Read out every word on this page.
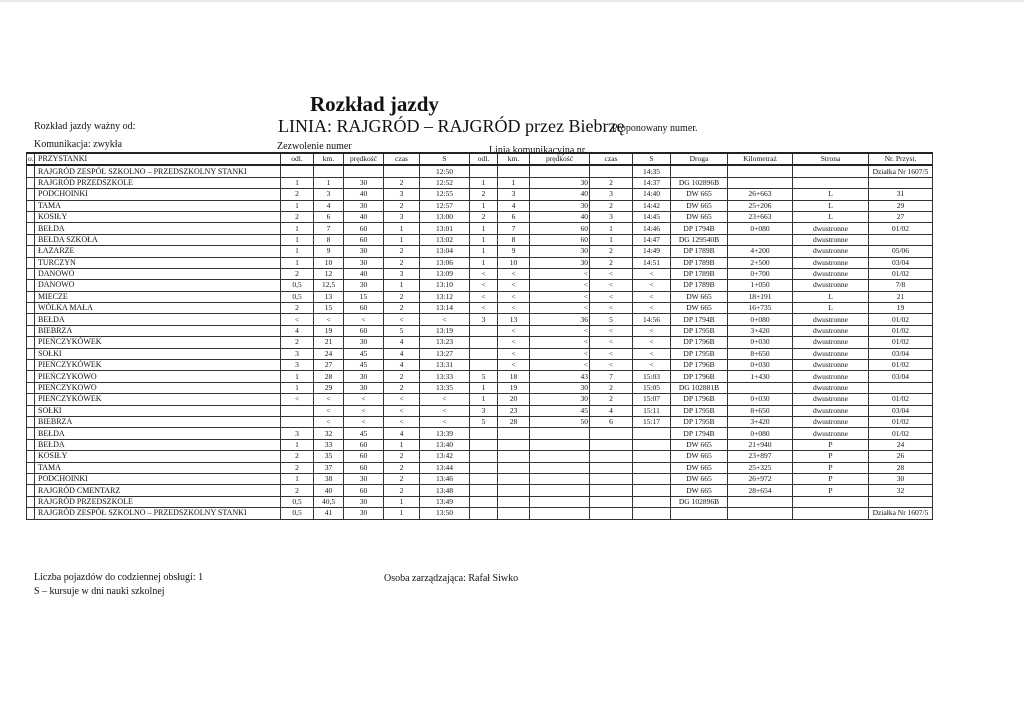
Rozkład jazdy
LINIA: RAJGRÓD – RAJGRÓD przez Biebrzę
Proponowany numer.
Rozkład jazdy ważny od:
Komunikacja: zwykła	Zezwolenie numer	Linia komunikacyjna nr
o.	PRZYSTANKI	odl.	km.	prędkość	czas	S	odl.	km.	prędkość	czas	S	Droga	Kilometraż	Strona	Nr. Przyst.
	RAJGRÓD ZESPÓŁ SZKOLNO – PRZEDSZKOLNY STANKI					12:50					14:35				Działka Nr 1607/5
	RAJGRÓD PRZEDSZKOLE	1	1	30	2	12:52	1	1	30	2	14:37	DG 102896B			
	PODCHOINKI	2	3	40	3	12:55	2	3	40	3	14:40	DW 665	26+663	L	31
	TAMA	1	4	30	2	12:57	1	4	30	2	14:42	DW 665	25+206	L	29
	KOSIŁY	2	6	40	3	13:00	2	6	40	3	14:45	DW 665	23+663	L	27
	BEŁDA	1	7	60	1	13:01	1	7	60	1	14:46	DP 1794B	0+080	dwustronne	01/02
	BEŁDA SZKOŁA	1	8	60	1	13:02	1	8	60	1	14:47	DG 129540B		dwustronne	
	ŁAZARZE	1	9	30	2	13:04	1	9	30	2	14:49	DP 1789B	4+200	dwustronne	05/06
	TURCZYN	1	10	30	2	13:06	1	10	30	2	14:51	DP 1789B	2+500	dwustronne	03/04
	DANOWO	2	12	40	3	13:09	<	<	<	<	<	DP 1789B	0+700	dwustronne	01/02
	DANOWO	0,5	12,5	30	1	13:10	<	<	<	<	<	DP 1789B	1+050	dwustronne	7/8
	MIECZE	0,5	13	15	2	13:12	<	<	<	<	<	DW 665	18+191	L	21
	WÓLKA MAŁA	2	15	60	2	13:14	<	<	<	<	<	DW 665	16+735	L	19
	BEŁDA	<	<	<	<	<	3	13	36	5	14:56	DP 1794B	0+080	dwustronne	01/02
	BIEBRZA	4	19	60	5	13:19		<	<	<	<	DP 1795B	3+420	dwustronne	01/02
	PIEŃCZYKÓWEK	2	21	30	4	13:23		<	<	<	<	DP 1796B	0+030	dwustronne	01/02
	SOŁKI	3	24	45	4	13:27		<	<	<	<	DP 1795B	8+650	dwustronne	03/04
	PIEŃCZYKÓWEK	3	27	45	4	13:31		<	<	<	<	DP 1796B	0+030	dwustronne	01/02
	PIEŃCZYKOWO	1	28	30	2	13:33	5	18	43	7	15:03	DP 1796B	1+430	dwustronne	03/04
	PIEŃCZYKOWO	1	29	30	2	13:35	1	19	30	2	15:05	DG 102881B		dwustronne	
	PIEŃCZYKÓWEK	<	<	<	<	<	1	20	30	2	15:07	DP 1796B	0+030	dwustronne	01/02
	SOŁKI		<	<	<	<	3	23	45	4	15:11	DP 1795B	8+650	dwustronne	03/04
	BIEBRZA		<	<	<	<	5	28	50	6	15:17	DP 1795B	3+420	dwustronne	01/02
	BEŁDA	3	32	45	4	13:39						DP 1794B	0+080	dwustronne	01/02
	BEŁDA	1	33	60	1	13:40						DW 665	21+940	P	24
	KOSIŁY	2	35	60	2	13:42						DW 665	23+897	P	26
	TAMA	2	37	60	2	13:44						DW 665	25+325	P	28
	PODCHOINKI	1	38	30	2	13:46						DW 665	26+972	P	30
	RAJGRÓD CMENTARZ	2	40	60	2	13:48						DW 665	28+654	P	32
	RAJGRÓD PRZEDSZKOLE	0,5	40,5	30	1	13:49						DG 102896B			
	RAJGRÓD ZESPÓŁ SZKOLNO – PRZEDSZKOLNY STANKI	0,5	41	30	1	13:50									Działka Nr 1607/5
Liczba pojazdów do codziennej obsługi: 1
S – kursuje w dni nauki szkolnej
Osoba zarządzająca: Rafał Siwko
